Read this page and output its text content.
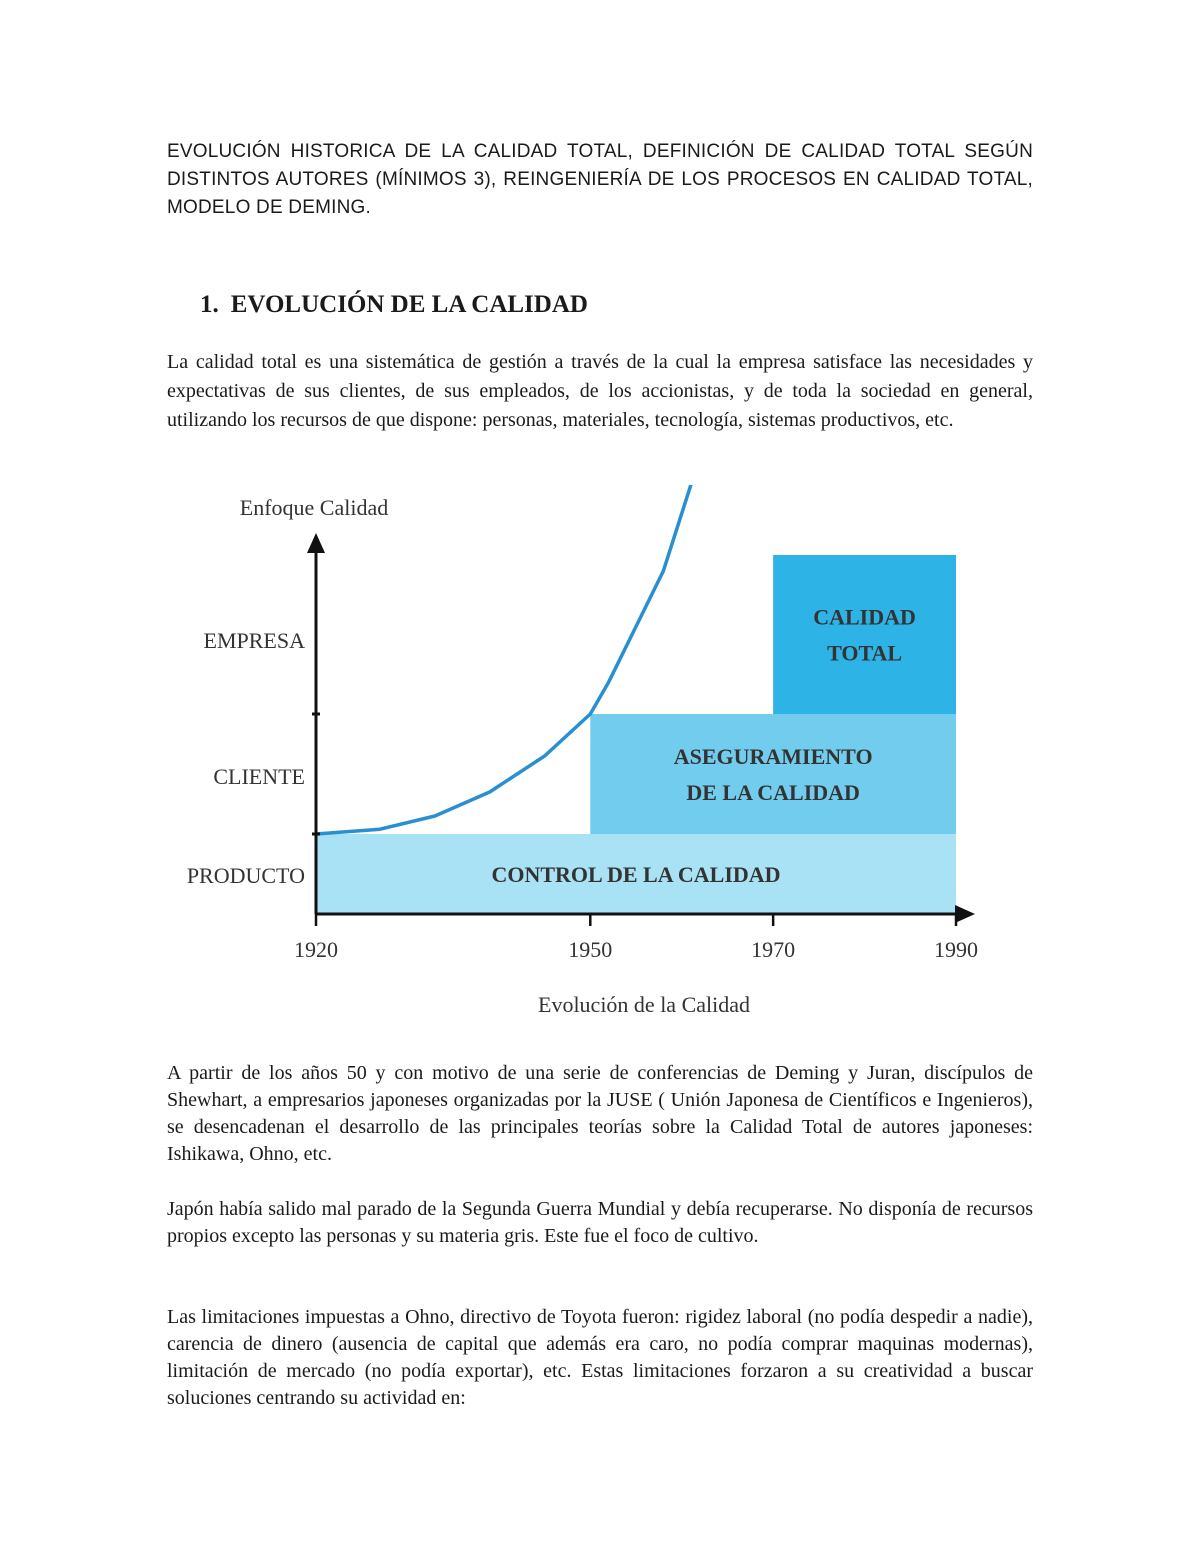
EVOLUCIÓN HISTORICA DE LA CALIDAD TOTAL, DEFINICIÓN DE CALIDAD TOTAL SEGÚN DISTINTOS AUTORES (MÍNIMOS 3), REINGENIERÍA DE LOS PROCESOS EN CALIDAD TOTAL, MODELO DE DEMING.

1. EVOLUCIÓN DE LA CALIDAD

La calidad total es una sistemática de gestión a través de la cual la empresa satisface las necesidades y expectativas de sus clientes, de sus empleados, de los accionistas, y de toda la sociedad en general, utilizando los recursos de que dispone: personas, materiales, tecnología, sistemas productivos, etc.

CONTROL DE LA CALIDAD
ASEGURAMIENTO
DE LA CALIDAD
CALIDAD
TOTAL
1920	1950	1970	1990
PRODUCTO
CLIENTE
EMPRESA
Enfoque Calidad
Evolución de la Calidad

A partir de los años 50 y con motivo de una serie de conferencias de Deming y Juran, discípulos de Shewhart, a empresarios japoneses organizadas por la JUSE ( Unión Japonesa de Científicos e Ingenieros), se desencadenan el desarrollo de las principales teorías sobre la Calidad Total de autores japoneses: Ishikawa, Ohno, etc.

Japón había salido mal parado de la Segunda Guerra Mundial y debía recuperarse. No disponía de recursos propios excepto las personas y su materia gris. Este fue el foco de cultivo.

Las limitaciones impuestas a Ohno, directivo de Toyota fueron: rigidez laboral (no podía despedir a nadie), carencia de dinero (ausencia de capital que además era caro, no podía comprar maquinas modernas), limitación de mercado (no podía exportar), etc. Estas limitaciones forzaron a su creatividad a buscar soluciones centrando su actividad en:
